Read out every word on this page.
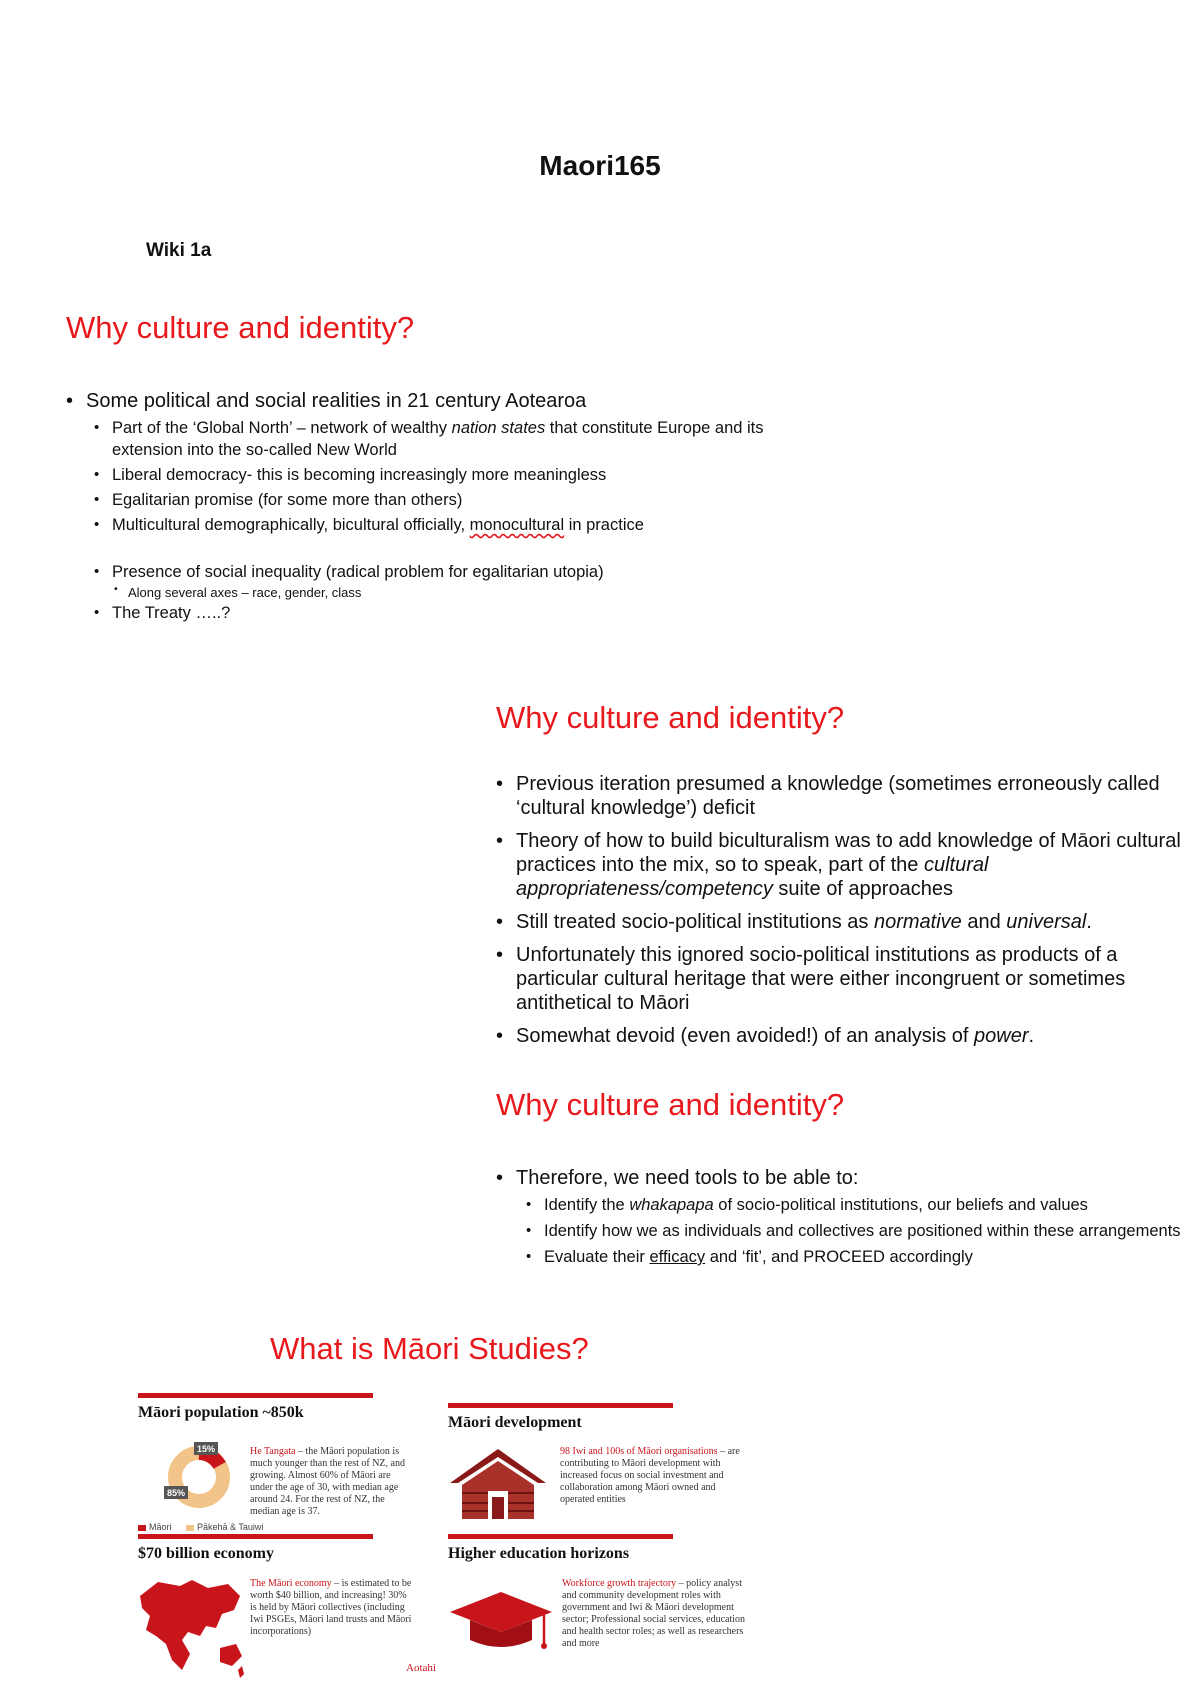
Maori165
Wiki 1a
Why culture and identity?
• Some political and social realities in 21 century Aotearoa
• Part of the ‘Global North’ – network of wealthy nation states that constitute Europe and its extension into the so-called New World
• Liberal democracy- this is becoming increasingly more meaningless
• Egalitarian promise (for some more than others)
• Multicultural demographically, bicultural officially, monocultural in practice
• Presence of social inequality (radical problem for egalitarian utopia)
• Along several axes – race, gender, class
• The Treaty …..?
Why culture and identity?
• Previous iteration presumed a knowledge (sometimes erroneously called ‘cultural knowledge’) deficit
• Theory of how to build biculturalism was to add knowledge of Māori cultural practices into the mix, so to speak, part of the cultural appropriateness/competency suite of approaches
• Still treated socio-political institutions as normative and universal.
• Unfortunately this ignored socio-political institutions as products of a particular cultural heritage that were either incongruent or sometimes antithetical to Māori
• Somewhat devoid (even avoided!) of an analysis of power.
Why culture and identity?
• Therefore, we need tools to be able to:
• Identify the whakapapa of socio-political institutions, our beliefs and values
• Identify how we as individuals and collectives are positioned within these arrangements
• Evaluate their efficacy and ‘fit’, and PROCEED accordingly
What is Māori Studies?
Māori population ~850k
15%
85%
He Tangata – the Māori population is much younger than the rest of NZ, and growing. Almost 60% of Māori are under the age of 30, with median age around 24. For the rest of NZ, the median age is 37.
Māori	Pākehā & Tauiwi
Māori development
98 Iwi and 100s of Māori organisations – are contributing to Māori development with increased focus on social investment and collaboration among Māori owned and operated entities
$70 billion economy
The Māori economy – is estimated to be worth $40 billion, and increasing! 30% is held by Māori collectives (including Iwi PSGEs, Māori land trusts and Māori incorporations)
Aotahi
Higher education horizons
Workforce growth trajectory – policy analyst and community development roles with government and Iwi & Māori development sector; Professional social services, education and health sector roles; as well as researchers and more
